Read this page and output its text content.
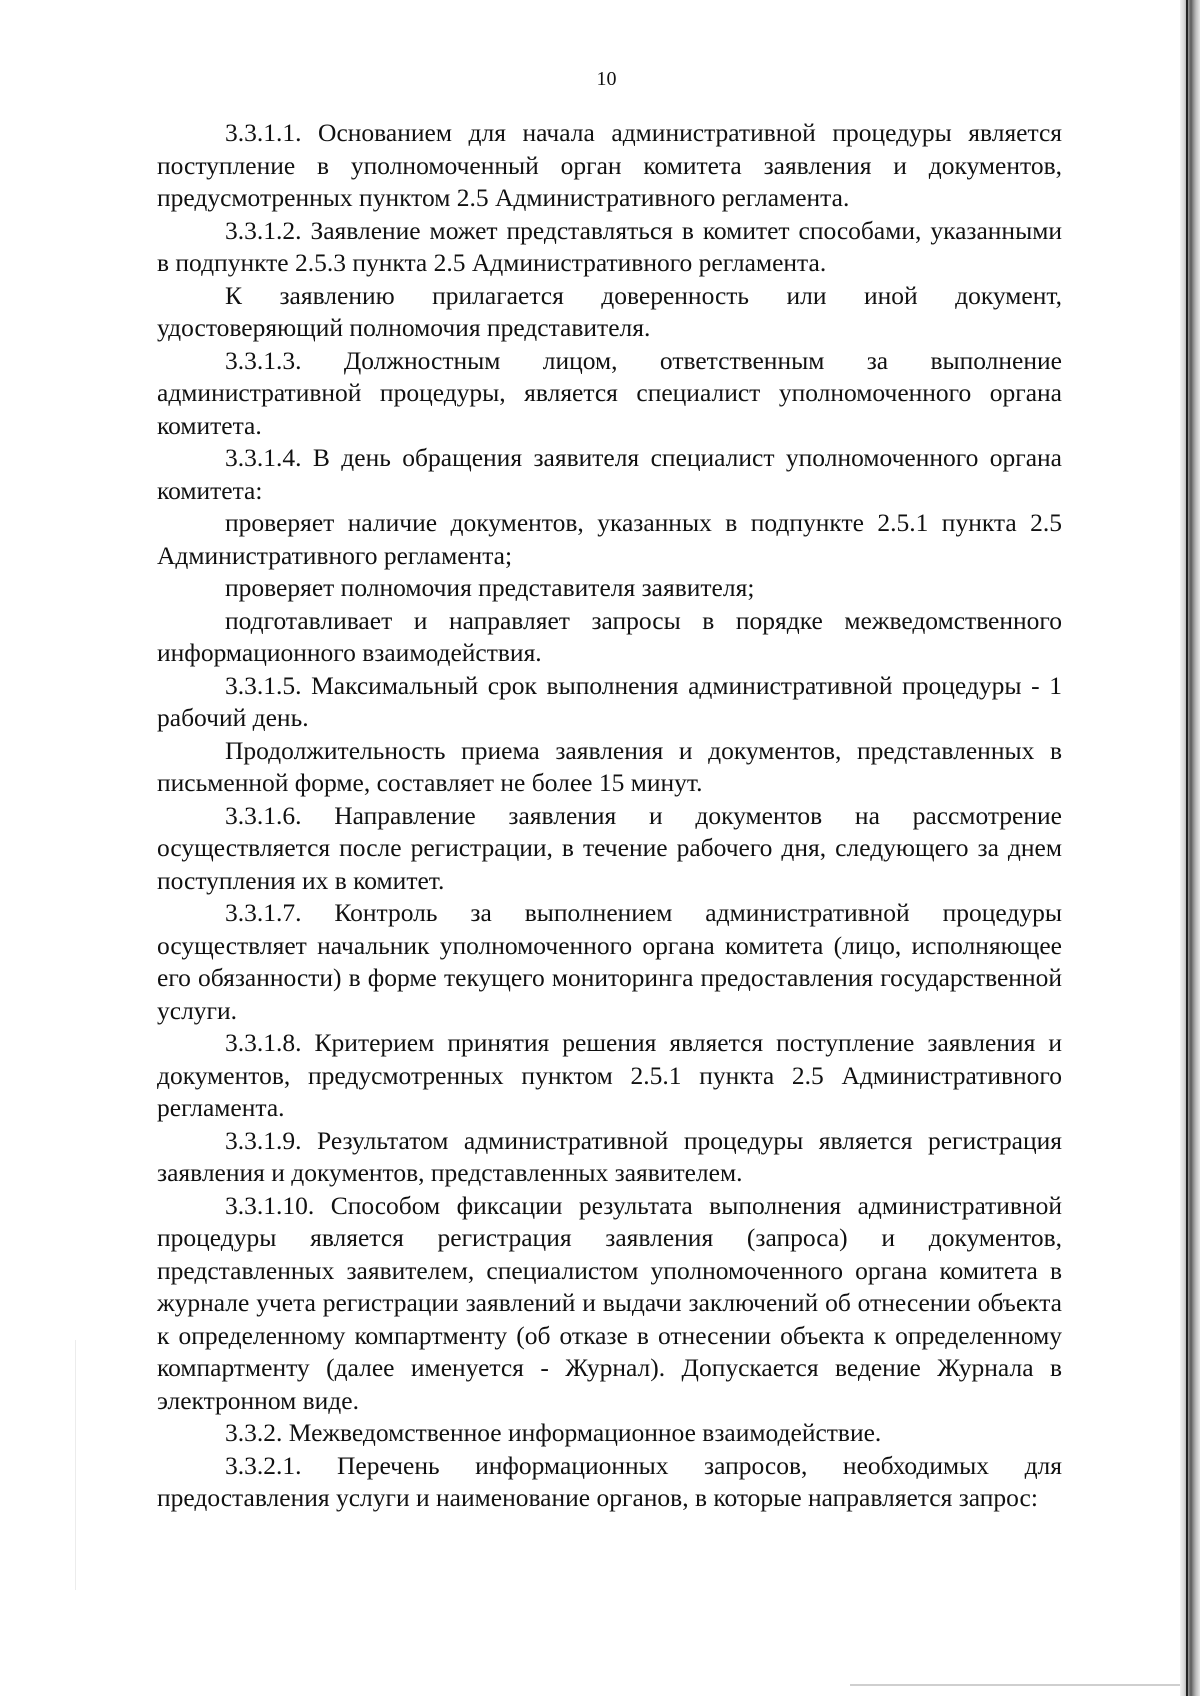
10

3.3.1.1. Основанием для начала административной процедуры является поступление в уполномоченный орган комитета заявления и документов, предусмотренных пунктом 2.5 Административного регламента.

3.3.1.2. Заявление может представляться в комитет способами, указанными в подпункте 2.5.3 пункта 2.5 Административного регламента.

К заявлению прилагается доверенность или иной документ, удостоверяющий полномочия представителя.

3.3.1.3. Должностным лицом, ответственным за выполнение административной процедуры, является специалист уполномоченного органа комитета.

3.3.1.4. В день обращения заявителя специалист уполномоченного органа комитета:

проверяет наличие документов, указанных в подпункте 2.5.1 пункта 2.5 Административного регламента;

проверяет полномочия представителя заявителя;

подготавливает и направляет запросы в порядке межведомственного информационного взаимодействия.

3.3.1.5. Максимальный срок выполнения административной процедуры - 1 рабочий день.

Продолжительность приема заявления и документов, представленных в письменной форме, составляет не более 15 минут.

3.3.1.6. Направление заявления и документов на рассмотрение осуществляется после регистрации, в течение рабочего дня, следующего за днем поступления их в комитет.

3.3.1.7. Контроль за выполнением административной процедуры осуществляет начальник уполномоченного органа комитета (лицо, исполняющее его обязанности) в форме текущего мониторинга предоставления государственной услуги.

3.3.1.8. Критерием принятия решения является поступление заявления и документов, предусмотренных пунктом 2.5.1 пункта 2.5 Административного регламента.

3.3.1.9. Результатом административной процедуры является регистрация заявления и документов, представленных заявителем.

3.3.1.10. Способом фиксации результата выполнения административной процедуры является регистрация заявления (запроса) и документов, представленных заявителем, специалистом уполномоченного органа комитета в журнале учета регистрации заявлений и выдачи заключений об отнесении объекта к определенному компартменту (об отказе в отнесении объекта к определенному компартменту (далее именуется - Журнал). Допускается ведение Журнала в электронном виде.

3.3.2. Межведомственное информационное взаимодействие.

3.3.2.1. Перечень информационных запросов, необходимых для предоставления услуги и наименование органов, в которые направляется запрос:
